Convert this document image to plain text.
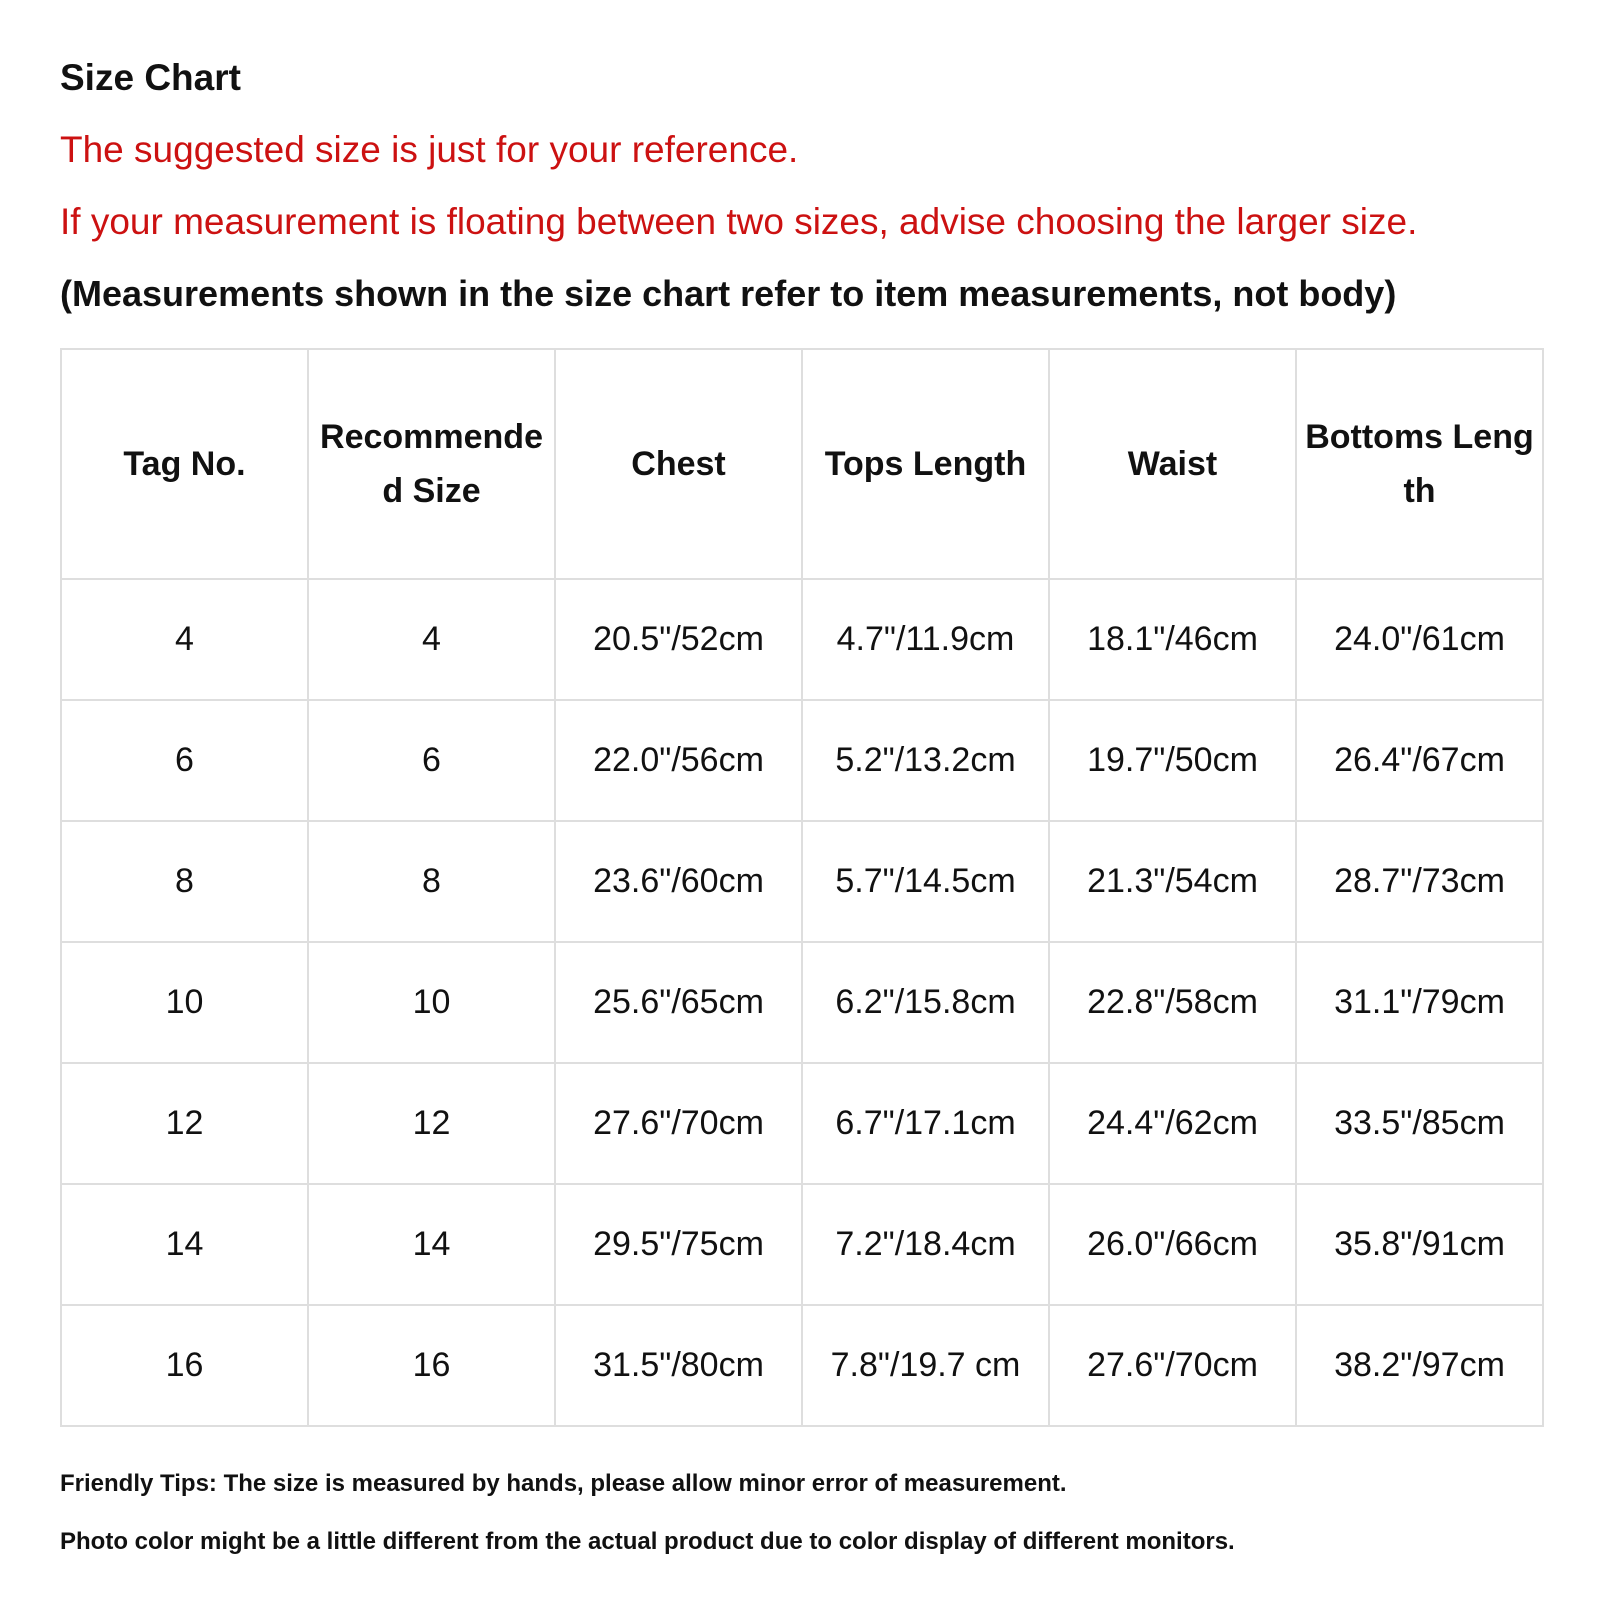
Size Chart

The suggested size is just for your reference.

If your measurement is floating between two sizes, advise choosing the larger size.

(Measurements shown in the size chart refer to item measurements, not body)

Tag No.	Recommended Size	Chest	Tops Length	Waist	Bottoms Length
4	4	20.5"/52cm	4.7"/11.9cm	18.1"/46cm	24.0"/61cm
6	6	22.0"/56cm	5.2"/13.2cm	19.7"/50cm	26.4"/67cm
8	8	23.6"/60cm	5.7"/14.5cm	21.3"/54cm	28.7"/73cm
10	10	25.6"/65cm	6.2"/15.8cm	22.8"/58cm	31.1"/79cm
12	12	27.6"/70cm	6.7"/17.1cm	24.4"/62cm	33.5"/85cm
14	14	29.5"/75cm	7.2"/18.4cm	26.0"/66cm	35.8"/91cm
16	16	31.5"/80cm	7.8"/19.7 cm	27.6"/70cm	38.2"/97cm

Friendly Tips: The size is measured by hands, please allow minor error of measurement.

Photo color might be a little different from the actual product due to color display of different monitors.
